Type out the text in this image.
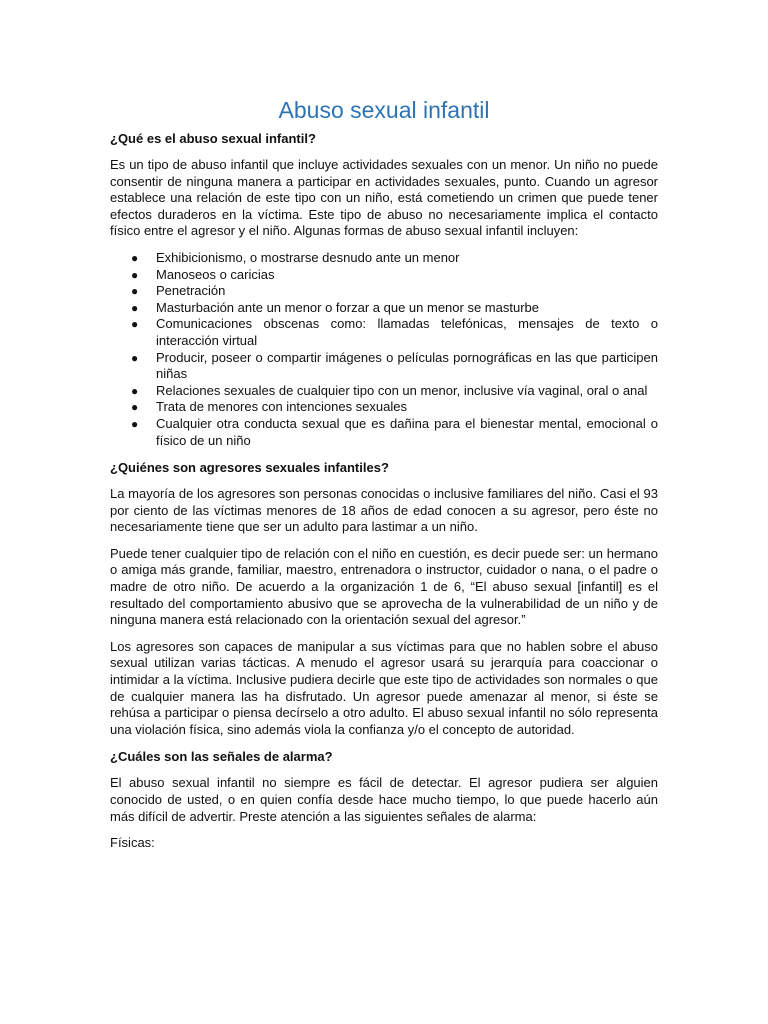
Abuso sexual infantil
¿Qué es el abuso sexual infantil?

Es un tipo de abuso infantil que incluye actividades sexuales con un menor. Un niño no puede consentir de ninguna manera a participar en actividades sexuales, punto. Cuando un agresor establece una relación de este tipo con un niño, está cometiendo un crimen que puede tener efectos duraderos en la víctima. Este tipo de abuso no necesariamente implica el contacto físico entre el agresor y el niño. Algunas formas de abuso sexual infantil incluyen:

● Exhibicionismo, o mostrarse desnudo ante un menor
● Manoseos o caricias
● Penetración
● Masturbación ante un menor o forzar a que un menor se masturbe
● Comunicaciones obscenas como: llamadas telefónicas, mensajes de texto o interacción virtual
● Producir, poseer o compartir imágenes o películas pornográficas en las que participen niñas
● Relaciones sexuales de cualquier tipo con un menor, inclusive vía vaginal, oral o anal
● Trata de menores con intenciones sexuales
● Cualquier otra conducta sexual que es dañina para el bienestar mental, emocional o físico de un niño
¿Quiénes son agresores sexuales infantiles?

La mayoría de los agresores son personas conocidas o inclusive familiares del niño. Casi el 93 por ciento de las víctimas menores de 18 años de edad conocen a su agresor, pero éste no necesariamente tiene que ser un adulto para lastimar a un niño.

Puede tener cualquier tipo de relación con el niño en cuestión, es decir puede ser: un hermano o amiga más grande, familiar, maestro, entrenadora o instructor, cuidador o nana, o el padre o madre de otro niño. De acuerdo a la organización 1 de 6, “El abuso sexual [infantil] es el resultado del comportamiento abusivo que se aprovecha de la vulnerabilidad de un niño y de ninguna manera está relacionado con la orientación sexual del agresor.”

Los agresores son capaces de manipular a sus víctimas para que no hablen sobre el abuso sexual utilizan varias tácticas. A menudo el agresor usará su jerarquía para coaccionar o intimidar a la víctima. Inclusive pudiera decirle que este tipo de actividades son normales o que de cualquier manera las ha disfrutado. Un agresor puede amenazar al menor, si éste se rehúsa a participar o piensa decírselo a otro adulto. El abuso sexual infantil no sólo representa una violación física, sino además viola la confianza y/o el concepto de autoridad.

¿Cuáles son las señales de alarma?

El abuso sexual infantil no siempre es fácil de detectar. El agresor pudiera ser alguien conocido de usted, o en quien confía desde hace mucho tiempo, lo que puede hacerlo aún más difícil de advertir. Preste atención a las siguientes señales de alarma:

Físicas:
